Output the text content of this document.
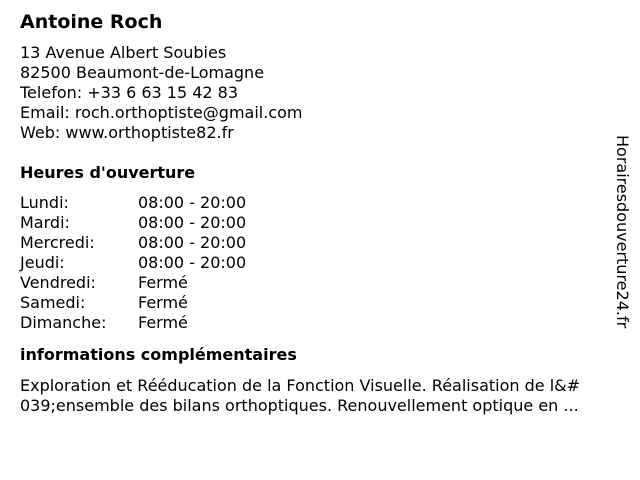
Antoine Roch
13 Avenue Albert Soubies
82500 Beaumont-de-Lomagne
Telefon: +33 6 63 15 42 83
Email: roch.orthoptiste@gmail.com
Web: www.orthoptiste82.fr
Heures d'ouverture
Lundi:	08:00 - 20:00
Mardi:	08:00 - 20:00
Mercredi:	08:00 - 20:00
Jeudi:	08:00 - 20:00
Vendredi:	Fermé
Samedi:	Fermé
Dimanche:	Fermé
informations complémentaires
Exploration et Rééducation de la Fonction Visuelle. Réalisation de l&#
039;ensemble des bilans orthoptiques. Renouvellement optique en ...
Horairesdouverture24.fr
